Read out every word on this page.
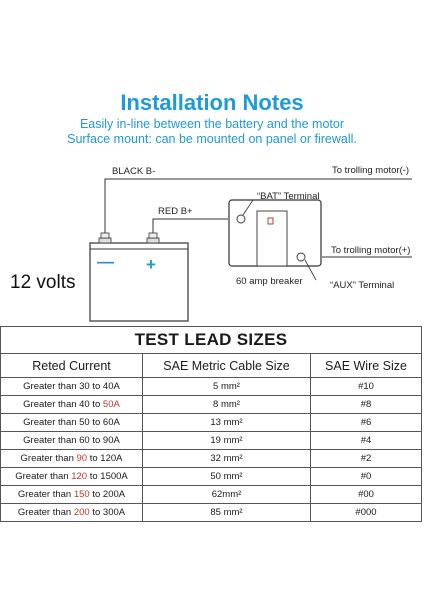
Installation Notes
Easily in-line between the battery and the motor
Surface mount: can be mounted on panel or firewall.
— +
BLACK B-
RED B+
To trolling motor(-)
To trolling motor(+)
“BAT” Terminal
“AUX” Terminal
60 amp breaker
12 volts
TEST LEAD SIZES		
Reted Current	SAE Metric Cable Size	SAE Wire Size
Greater than 30 to 40A	5 mm²	#10
Greater than 40 to 50A	8 mm²	#8
Greater than 50 to 60A	13 mm²	#6
Greater than 60 to 90A	19 mm²	#4
Greater than 90 to 120A	32 mm²	#2
Greater than 120 to 1500A	50 mm²	#0
Greater than 150 to 200A	62mm²	#00
Greater than 200 to 300A	85 mm²	#000
